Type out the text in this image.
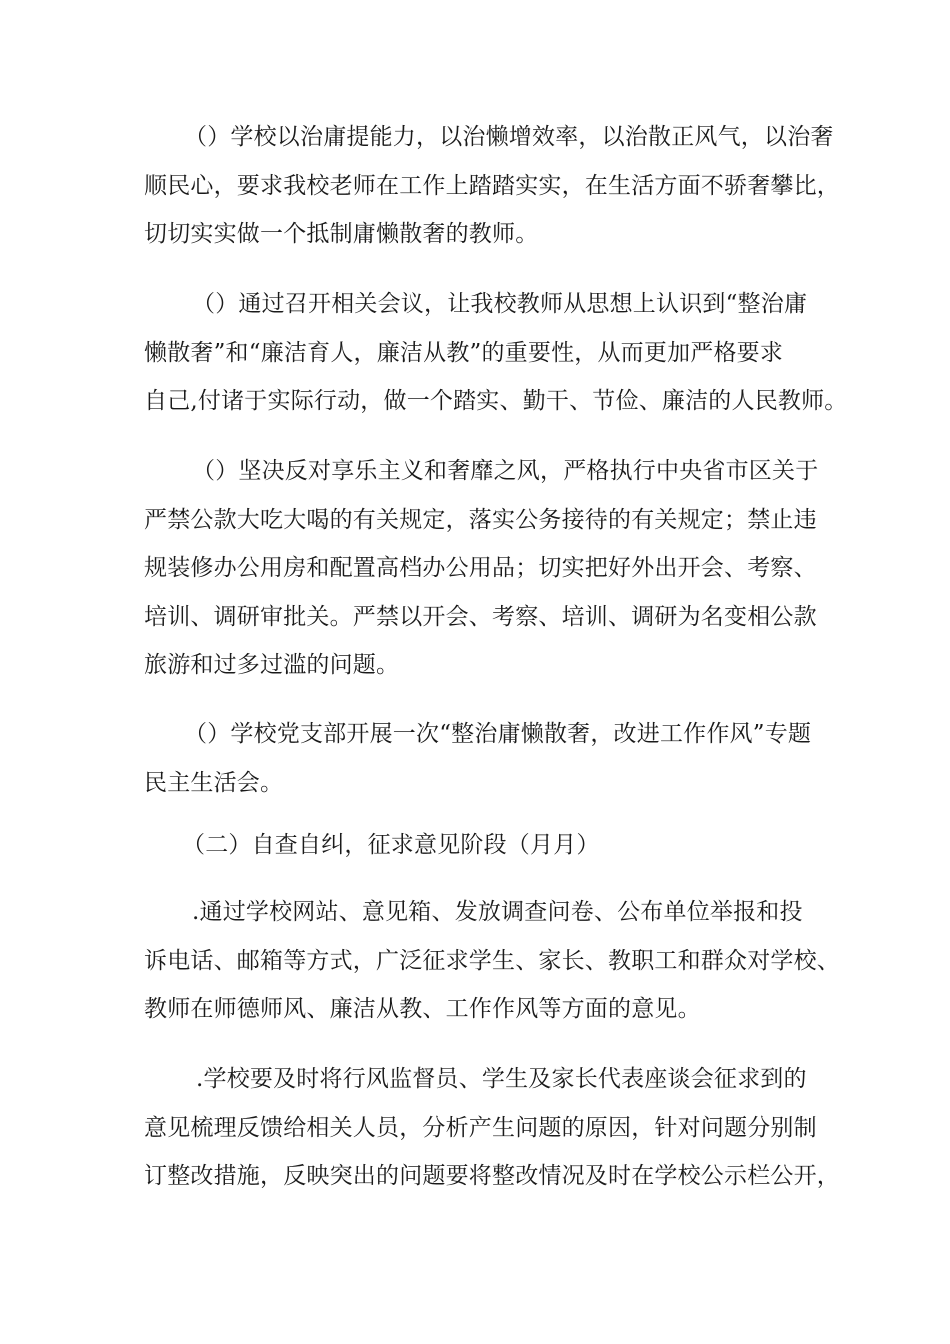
（）学校以治庸提能力，以治懒增效率，以治散正风气，以治奢
顺民心，要求我校老师在工作上踏踏实实，在生活方面不骄奢攀比，
切切实实做一个抵制庸懒散奢的教师。

（）通过召开相关会议，让我校教师从思想上认识到“整治庸
懒散奢”和“廉洁育人，廉洁从教”的重要性，从而更加严格要求
自己,付诸于实际行动，做一个踏实、勤干、节俭、廉洁的人民教师。

（）坚决反对享乐主义和奢靡之风，严格执行中央省市区关于
严禁公款大吃大喝的有关规定，落实公务接待的有关规定；禁止违
规装修办公用房和配置高档办公用品；切实把好外出开会、考察、
培训、调研审批关。严禁以开会、考察、培训、调研为名变相公款
旅游和过多过滥的问题。

（）学校党支部开展一次“整治庸懒散奢，改进工作作风”专题
民主生活会。

（二）自查自纠，征求意见阶段（月月）

.通过学校网站、意见箱、发放调查问卷、公布单位举报和投
诉电话、邮箱等方式，广泛征求学生、家长、教职工和群众对学校、
教师在师德师风、廉洁从教、工作作风等方面的意见。

.学校要及时将行风监督员、学生及家长代表座谈会征求到的
意见梳理反馈给相关人员，分析产生问题的原因，针对问题分别制
订整改措施，反映突出的问题要将整改情况及时在学校公示栏公开，
